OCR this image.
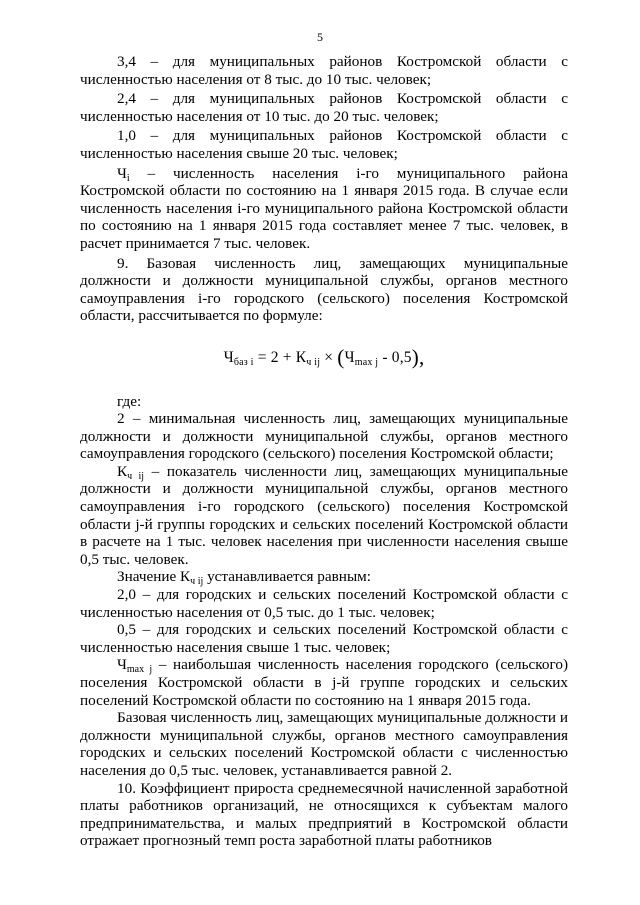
5

3,4 – для муниципальных районов Костромской области с численностью населения от 8 тыс. до 10 тыс. человек;

2,4 – для муниципальных районов Костромской области с численностью населения от 10 тыс. до 20 тыс. человек;

1,0 – для муниципальных районов Костромской области с численностью населения свыше 20 тыс. человек;

$Ч_i$ – численность населения i-го муниципального района Костромской области по состоянию на 1 января 2015 года. В случае если численность населения i-го муниципального района Костромской области по состоянию на 1 января 2015 года составляет менее 7 тыс. человек, в расчет принимается 7 тыс. человек.

9. Базовая численность лиц, замещающих муниципальные должности и должности муниципальной службы, органов местного самоуправления i-го городского (сельского) поселения Костромской области, рассчитывается по формуле:

$Ч_{баз i} = 2 + К_{ч ij} \times (Ч_{max j} - 0,5)$,

где:

2 – минимальная численность лиц, замещающих муниципальные должности и должности муниципальной службы, органов местного самоуправления городского (сельского) поселения Костромской области;

$К_{ч ij}$ – показатель численности лиц, замещающих муниципальные должности и должности муниципальной службы, органов местного самоуправления i-го городского (сельского) поселения Костромской области j-й группы городских и сельских поселений Костромской области в расчете на 1 тыс. человек населения при численности населения свыше 0,5 тыс. человек.

Значение $К_{ч ij}$ устанавливается равным:

2,0 – для городских и сельских поселений Костромской области с численностью населения от 0,5 тыс. до 1 тыс. человек;

0,5 – для городских и сельских поселений Костромской области с численностью населения свыше 1 тыс. человек;

$Ч_{max j}$ – наибольшая численность населения городского (сельского) поселения Костромской области в j-й группе городских и сельских поселений Костромской области по состоянию на 1 января 2015 года.

Базовая численность лиц, замещающих муниципальные должности и должности муниципальной службы, органов местного самоуправления городских и сельских поселений Костромской области с численностью населения до 0,5 тыс. человек, устанавливается равной 2.

10. Коэффициент прироста среднемесячной начисленной заработной платы работников организаций, не относящихся к субъектам малого предпринимательства, и малых предприятий в Костромской области отражает прогнозный темп роста заработной платы работников
